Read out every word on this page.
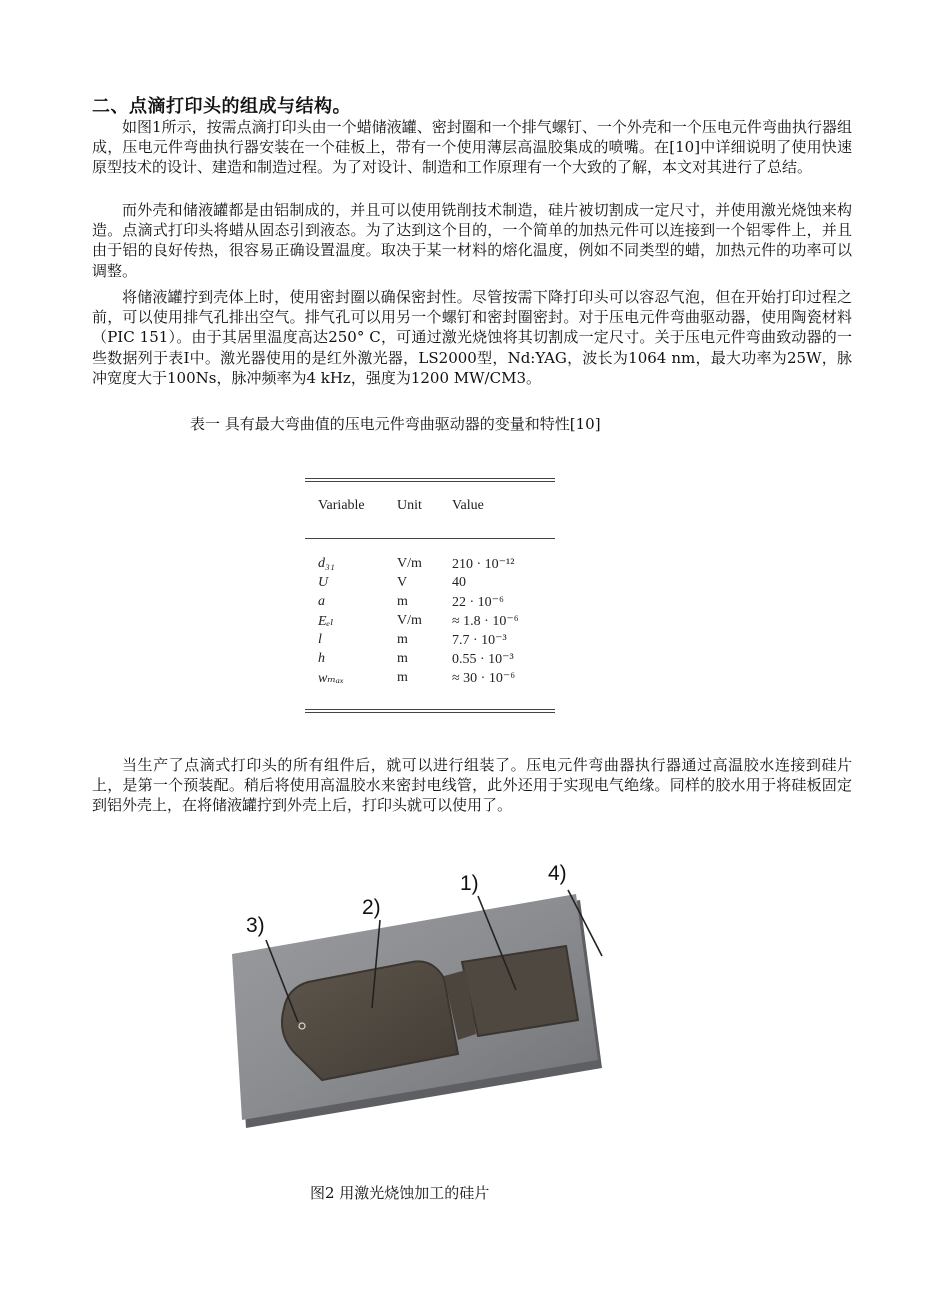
二、点滴打印头的组成与结构。

如图1所示，按需点滴打印头由一个蜡储液罐、密封圈和一个排气螺钉、一个外壳和一个压电元件弯曲执行器组成，压电元件弯曲执行器安装在一个硅板上，带有一个使用薄层高温胶集成的喷嘴。在[10]中详细说明了使用快速原型技术的设计、建造和制造过程。为了对设计、制造和工作原理有一个大致的了解，本文对其进行了总结。

而外壳和储液罐都是由铝制成的，并且可以使用铣削技术制造，硅片被切割成一定尺寸，并使用激光烧蚀来构造。点滴式打印头将蜡从固态引到液态。为了达到这个目的，一个简单的加热元件可以连接到一个铝零件上，并且由于铝的良好传热，很容易正确设置温度。取决于某一材料的熔化温度，例如不同类型的蜡，加热元件的功率可以调整。

将储液罐拧到壳体上时，使用密封圈以确保密封性。尽管按需下降打印头可以容忍气泡，但在开始打印过程之前，可以使用排气孔排出空气。排气孔可以用另一个螺钉和密封圈密封。对于压电元件弯曲驱动器，使用陶瓷材料（PIC 151）。由于其居里温度高达250° C，可通过激光烧蚀将其切割成一定尺寸。关于压电元件弯曲致动器的一些数据列于表I中。激光器使用的是红外激光器，LS2000型，Nd:YAG，波长为1064 nm，最大功率为25W，脉冲宽度大于100Ns，脉冲频率为4 kHz，强度为1200 MW/CM3。

表一 具有最大弯曲值的压电元件弯曲驱动器的变量和特性[10]
Variable Unit Value
d₃₁	V/m 210 · 10⁻¹²
U	V	40
a	m	22 · 10⁻⁶
Eₑₗ	V/m ≈ 1.8 · 10⁻⁶
l	m	7.7 · 10⁻³
h	m	0.55 · 10⁻³
wₘₐₓ	m	≈ 30 · 10⁻⁶

当生产了点滴式打印头的所有组件后，就可以进行组装了。压电元件弯曲器执行器通过高温胶水连接到硅片上，是第一个预装配。稍后将使用高温胶水来密封电线管，此外还用于实现电气绝缘。同样的胶水用于将硅板固定到铝外壳上，在将储液罐拧到外壳上后，打印头就可以使用了。

1)
2)
3)
4)
图2 用激光烧蚀加工的硅片
